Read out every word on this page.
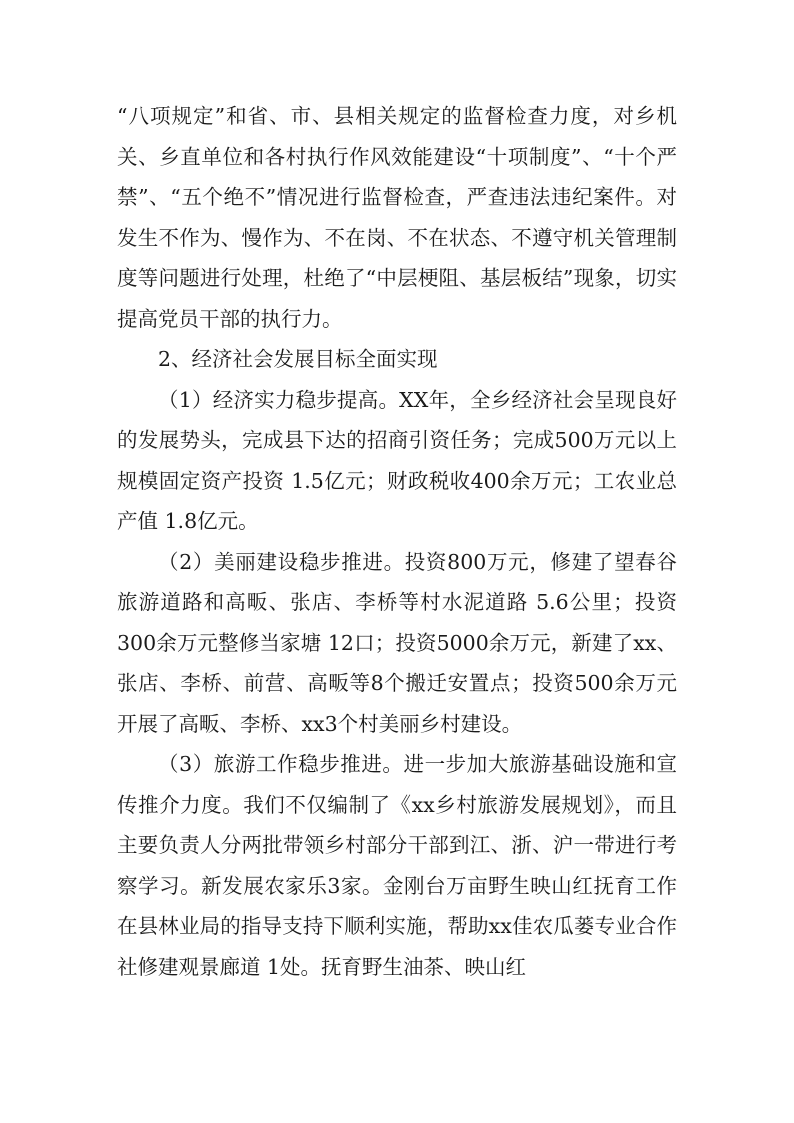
“八项规定”和省、市、县相关规定的监督检查力度，对乡机关、乡直单位和各村执行作风效能建设“十项制度”、“十个严禁”、“五个绝不”情况进行监督检查，严查违法违纪案件。对发生不作为、慢作为、不在岗、不在状态、不遵守机关管理制度等问题进行处理，杜绝了“中层梗阻、基层板结”现象，切实提高党员干部的执行力。

2、经济社会发展目标全面实现

（1）经济实力稳步提高。XX年，全乡经济社会呈现良好的发展势头，完成县下达的招商引资任务；完成500万元以上规模固定资产投资 1.5亿元；财政税收400余万元；工农业总产值 1.8亿元。

（2）美丽建设稳步推进。投资800万元，修建了望春谷旅游道路和高畈、张店、李桥等村水泥道路 5.6公里；投资300余万元整修当家塘 12口；投资5000余万元，新建了xx、张店、李桥、前营、高畈等8个搬迁安置点；投资500余万元开展了高畈、李桥、xx3个村美丽乡村建设。

（3）旅游工作稳步推进。进一步加大旅游基础设施和宣传推介力度。我们不仅编制了《xx乡村旅游发展规划》，而且主要负责人分两批带领乡村部分干部到江、浙、沪一带进行考察学习。新发展农家乐3家。金刚台万亩野生映山红抚育工作在县林业局的指导支持下顺利实施，帮助xx佳农瓜蒌专业合作社修建观景廊道 1处。抚育野生油茶、映山红
